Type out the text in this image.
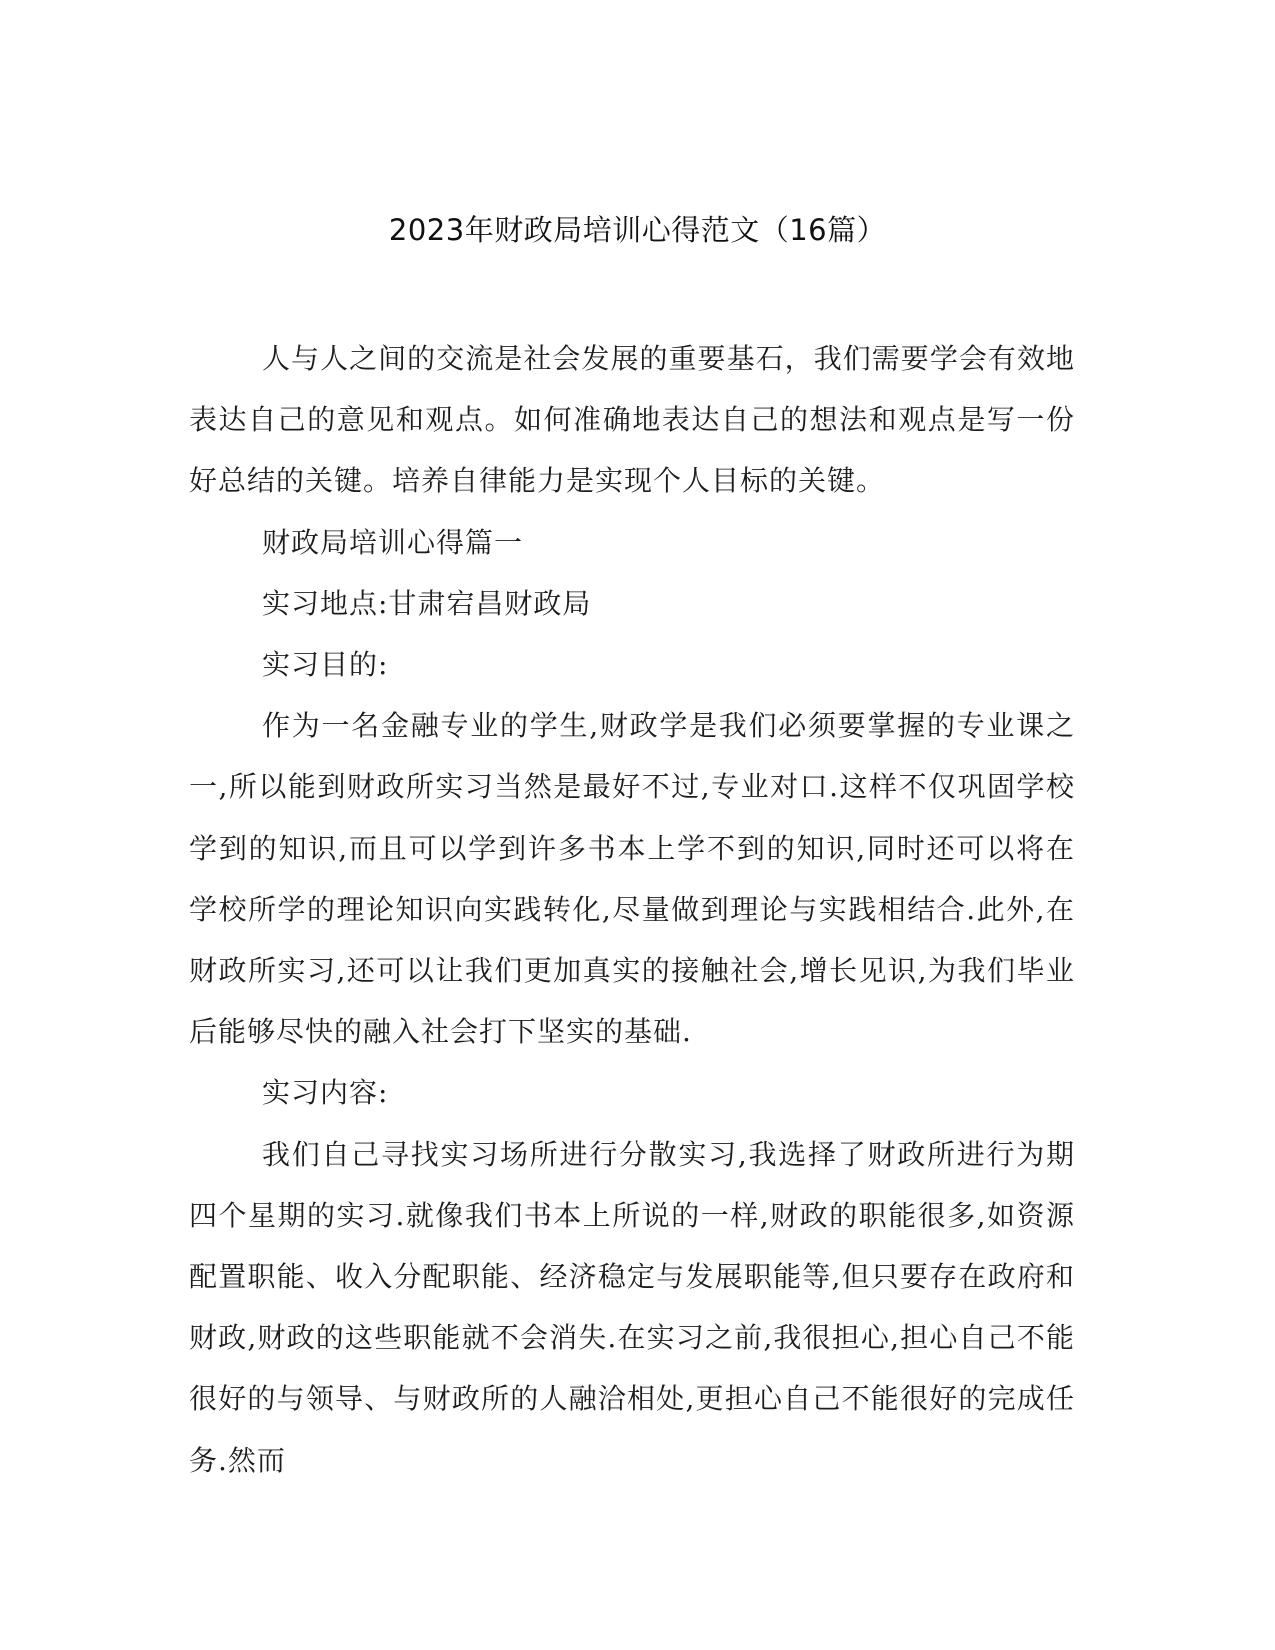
2023年财政局培训心得范文（16篇）

人与人之间的交流是社会发展的重要基石，我们需要学会有效地表达自己的意见和观点。如何准确地表达自己的想法和观点是写一份好总结的关键。培养自律能力是实现个人目标的关键。

财政局培训心得篇一

实习地点:甘肃宕昌财政局

实习目的:

作为一名金融专业的学生,财政学是我们必须要掌握的专业课之一,所以能到财政所实习当然是最好不过,专业对口.这样不仅巩固学校学到的知识,而且可以学到许多书本上学不到的知识,同时还可以将在学校所学的理论知识向实践转化,尽量做到理论与实践相结合.此外,在财政所实习,还可以让我们更加真实的接触社会,增长见识,为我们毕业后能够尽快的融入社会打下坚实的基础.

实习内容:

我们自己寻找实习场所进行分散实习,我选择了财政所进行为期四个星期的实习.就像我们书本上所说的一样,财政的职能很多,如资源配置职能、收入分配职能、经济稳定与发展职能等,但只要存在政府和财政,财政的这些职能就不会消失.在实习之前,我很担心,担心自己不能很好的与领导、与财政所的人融洽相处,更担心自己不能很好的完成任务.然而
